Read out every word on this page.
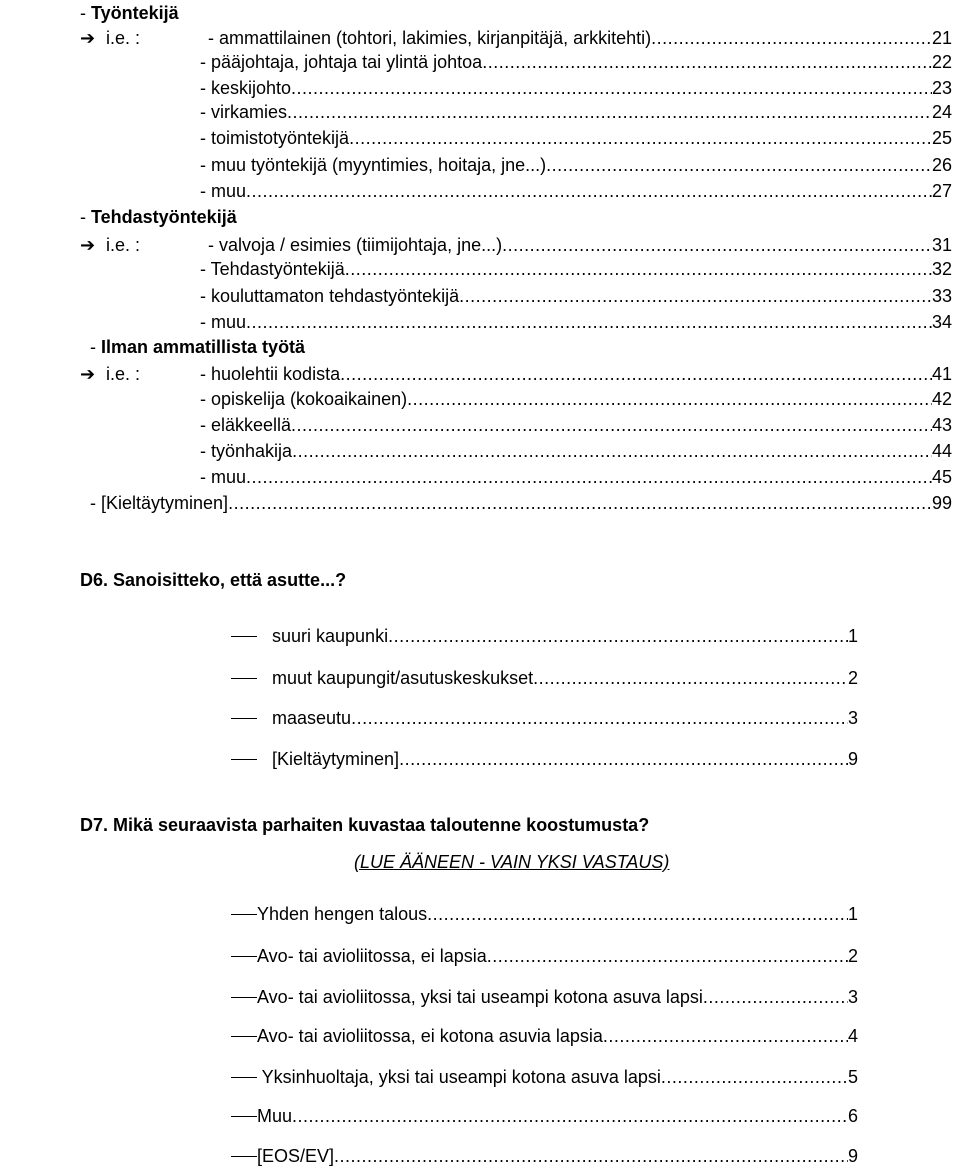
- Työntekijä
➔ i.e. :	- ammattilainen (tohtori, lakimies, kirjanpitäjä, arkkitehti) .....	21
- pääjohtaja, johtaja tai ylintä johtoa .....	22
- keskijohto .....	23
- virkamies .....	24
- toimistotyöntekijä .....	25
- muu työntekijä (myyntimies, hoitaja, jne...) .....	26
- muu .....	27
- Tehdastyöntekijä
➔ i.e. :	- valvoja / esimies (tiimijohtaja, jne...) .....	31
- Tehdastyöntekijä .....	32
- kouluttamaton tehdastyöntekijä .....	33
- muu .....	34
- Ilman ammatillista työtä
➔ i.e. :	- huolehtii kodista .....	41
- opiskelija (kokoaikainen) .....	42
- eläkkeellä .....	43
- työnhakija .....	44
- muu .....	45
- [Kieltäytyminen] .....	99
D6. Sanoisitteko, että asutte...?
suuri kaupunki .....	1
muut kaupungit/asutuskeskukset .....	2
maaseutu .....	3
[Kieltäytyminen] .....	9
D7. Mikä seuraavista parhaiten kuvastaa taloutenne koostumusta?
(LUE ÄÄNEEN - VAIN YKSI VASTAUS)
Yhden hengen talous .....	1
Avo- tai avioliitossa, ei lapsia .....	2
Avo- tai avioliitossa, yksi tai useampi kotona asuva lapsi .....	3
Avo- tai avioliitossa, ei kotona asuvia lapsia .....	4
Yksinhuoltaja, yksi tai useampi kotona asuva lapsi .....	5
Muu .....	6
[EOS/EV] .....	9
